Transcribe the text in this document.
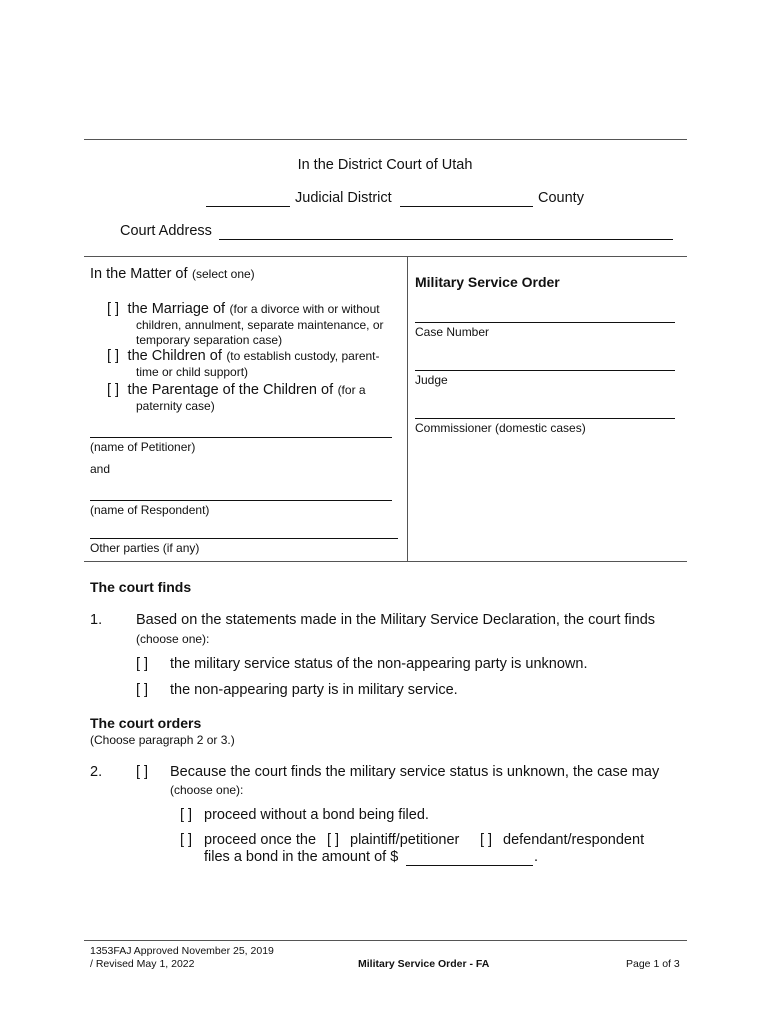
In the District Court of Utah
Judicial District	County
Court Address
In the Matter of (select one)
[ ] the Marriage of (for a divorce with or without
children, annulment, separate maintenance, or
temporary separation case)
[ ] the Children of (to establish custody, parent-
time or child support)
[ ] the Parentage of the Children of (for a
paternity case)
(name of Petitioner)
and
(name of Respondent)
Other parties (if any)
Military Service Order
Case Number
Judge
Commissioner (domestic cases)
The court finds
1. Based on the statements made in the Military Service Declaration, the court finds
(choose one):
[ ] the military service status of the non-appearing party is unknown.
[ ] the non-appearing party is in military service.
The court orders
(Choose paragraph 2 or 3.)
2. [ ] Because the court finds the military service status is unknown, the case may
(choose one):
[ ] proceed without a bond being filed.
[ ] proceed once the [ ] plaintiff/petitioner [ ] defendant/respondent
files a bond in the amount of $	.
1353FAJ Approved November 25, 2019
/ Revised May 1, 2022	Military Service Order - FA	Page 1 of 3
